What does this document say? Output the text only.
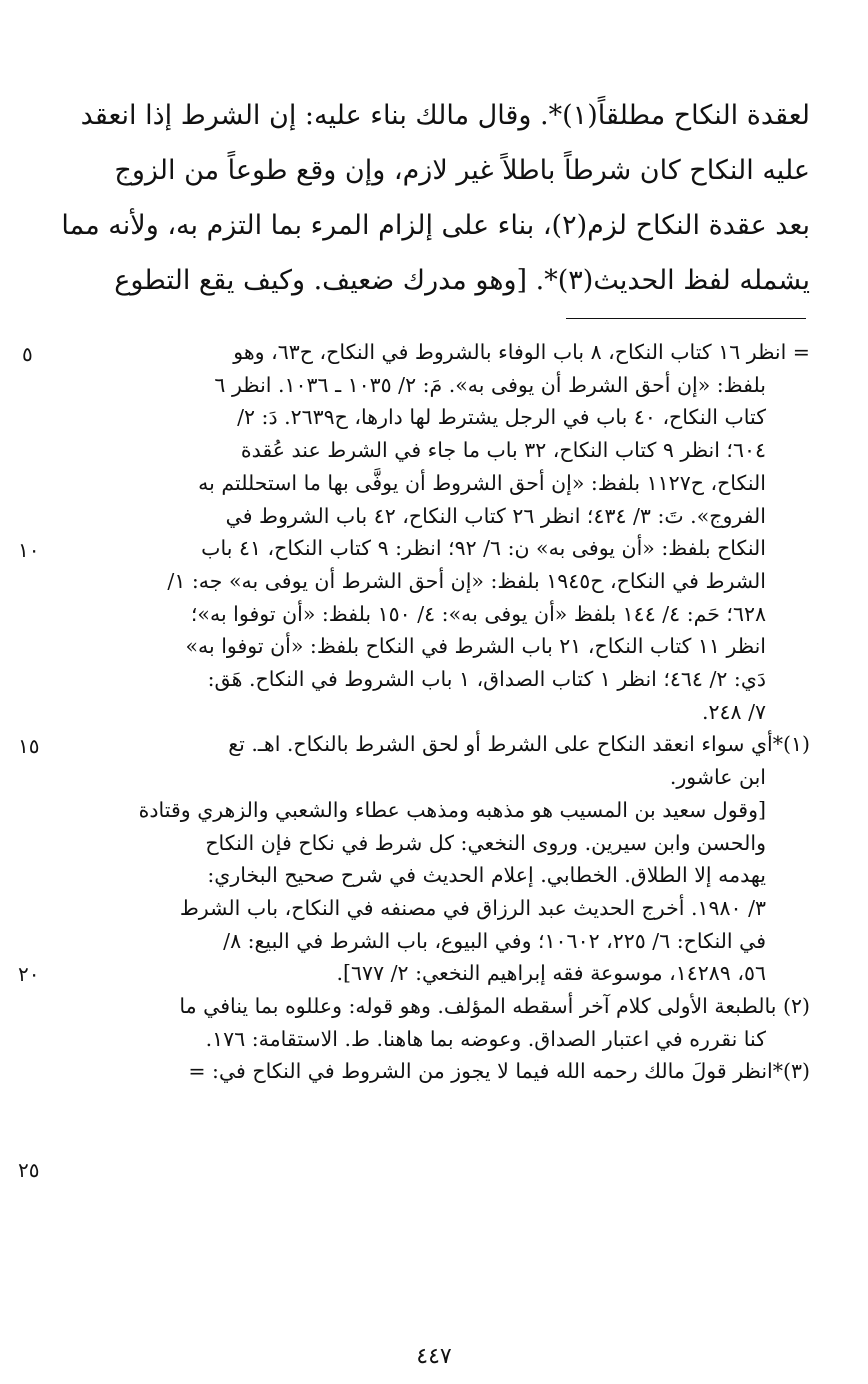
لعقدة النكاح مطلقاً(١)*. وقال مالك بناء عليه: إن الشرط إذا انعقد
عليه النكاح كان شرطاً باطلاً غير لازم، وإن وقع طوعاً من الزوج
بعد عقدة النكاح لزم(٢)، بناء على إلزام المرء بما التزم به، ولأنه مما
يشمله لفظ الحديث(٣)*. [وهو مدرك ضعيف. وكيف يقع التطوع
= انظر ١٦ كتاب النكاح، ٨ باب الوفاء بالشروط في النكاح، ح٦٣، وهو
بلفظ: «إن أحق الشرط أن يوفى به». مَ: ٢/ ١٠٣٥ ـ ١٠٣٦. انظر ٦
كتاب النكاح، ٤٠ باب في الرجل يشترط لها دارها، ح٢٦٣٩. دَ: ٢/
٦٠٤؛ انظر ٩ كتاب النكاح، ٣٢ باب ما جاء في الشرط عند عُقدة
النكاح، ح١١٢٧ بلفظ: «إن أحق الشروط أن يوفَّى بها ما استحللتم به
الفروج». تَ: ٣/ ٤٣٤؛ انظر ٢٦ كتاب النكاح، ٤٢ باب الشروط في
النكاح بلفظ: «أن يوفى به» ن: ٦/ ٩٢؛ انظر: ٩ كتاب النكاح، ٤١ باب
الشرط في النكاح، ح١٩٤٥ بلفظ: «إن أحق الشرط أن يوفى به» جه: ١/
٦٢٨؛ حَم: ٤/ ١٤٤ بلفظ «أن يوفى به»: ٤/ ١٥٠ بلفظ: «أن توفوا به»؛
انظر ١١ كتاب النكاح، ٢١ باب الشرط في النكاح بلفظ: «أن توفوا به»
دَي: ٢/ ٤٦٤؛ انظر ١ كتاب الصداق، ١ باب الشروط في النكاح. هَق:
٧/ ٢٤٨.
(١)*أي سواء انعقد النكاح على الشرط أو لحق الشرط بالنكاح. اهـ. تع
ابن عاشور.
[وقول سعيد بن المسيب هو مذهبه ومذهب عطاء والشعبي والزهري وقتادة
والحسن وابن سيرين. وروى النخعي: كل شرط في نكاح فإن النكاح
يهدمه إلا الطلاق. الخطابي. إعلام الحديث في شرح صحيح البخاري:
٣/ ١٩٨٠. أخرج الحديث عبد الرزاق في مصنفه في النكاح، باب الشرط
في النكاح: ٦/ ٢٢٥، ١٠٦٠٢؛ وفي البيوع، باب الشرط في البيع: ٨/
٥٦، ١٤٢٨٩، موسوعة فقه إبراهيم النخعي: ٢/ ٦٧٧].
(٢) بالطبعة الأولى كلام آخر أسقطه المؤلف. وهو قوله: وعللوه بما ينافي ما
كنا نقرره في اعتبار الصداق. وعوضه بما هاهنا. ط. الاستقامة: ١٧٦.
(٣)*انظر قولَ مالك رحمه الله فيما لا يجوز من الشروط في النكاح في: =
٥
١٠
١٥
٢٠
٢٥
٤٤٧
